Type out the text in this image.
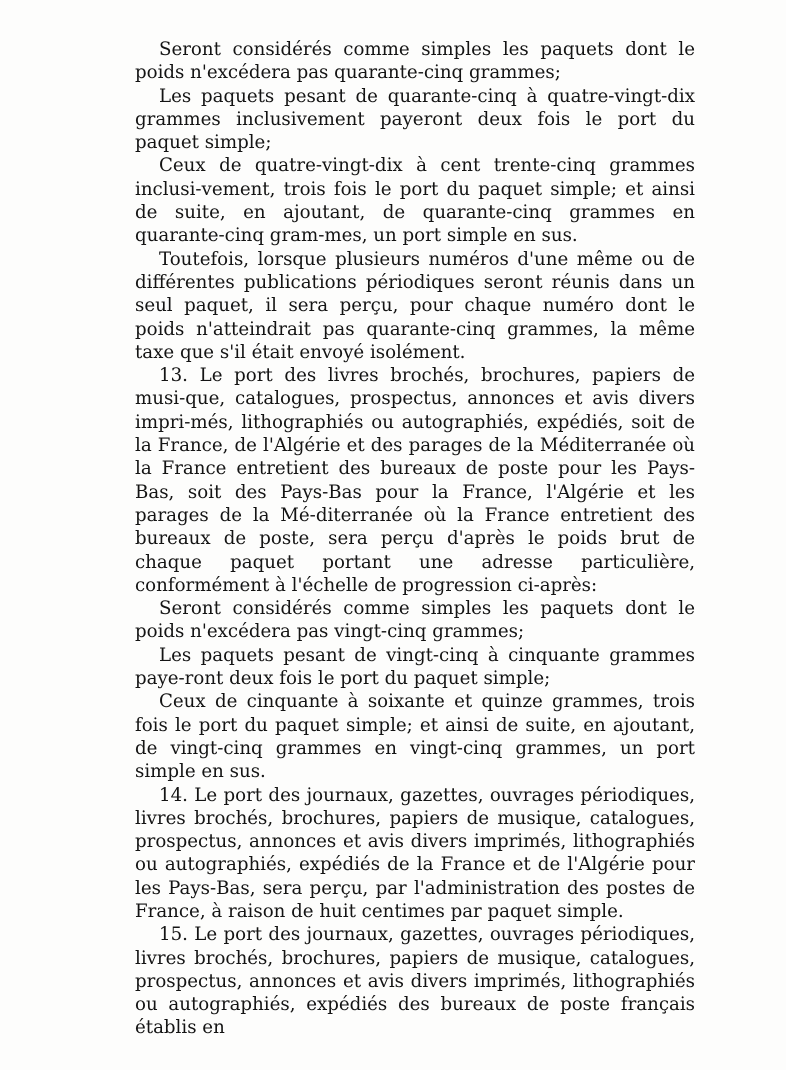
Seront considérés comme simples les paquets dont le poids n'excédera pas quarante-cinq grammes;

Les paquets pesant de quarante-cinq à quatre-vingt-dix grammes inclusivement payeront deux fois le port du paquet simple;

Ceux de quatre-vingt-dix à cent trente-cinq grammes inclusi-vement, trois fois le port du paquet simple; et ainsi de suite, en ajoutant, de quarante-cinq grammes en quarante-cinq gram-mes, un port simple en sus.

Toutefois, lorsque plusieurs numéros d'une même ou de différentes publications périodiques seront réunis dans un seul paquet, il sera perçu, pour chaque numéro dont le poids n'atteindrait pas quarante-cinq grammes, la même taxe que s'il était envoyé isolément.

13. Le port des livres brochés, brochures, papiers de musi-que, catalogues, prospectus, annonces et avis divers impri-més, lithographiés ou autographiés, expédiés, soit de la France, de l'Algérie et des parages de la Méditerranée où la France entretient des bureaux de poste pour les Pays-Bas, soit des Pays-Bas pour la France, l'Algérie et les parages de la Mé-diterranée où la France entretient des bureaux de poste, sera perçu d'après le poids brut de chaque paquet portant une adresse particulière, conformément à l'échelle de progression ci-après:

Seront considérés comme simples les paquets dont le poids n'excédera pas vingt-cinq grammes;

Les paquets pesant de vingt-cinq à cinquante grammes paye-ront deux fois le port du paquet simple;

Ceux de cinquante à soixante et quinze grammes, trois fois le port du paquet simple; et ainsi de suite, en ajoutant, de vingt-cinq grammes en vingt-cinq grammes, un port simple en sus.

14. Le port des journaux, gazettes, ouvrages périodiques, livres brochés, brochures, papiers de musique, catalogues, prospectus, annonces et avis divers imprimés, lithographiés ou autographiés, expédiés de la France et de l'Algérie pour les Pays-Bas, sera perçu, par l'administration des postes de France, à raison de huit centimes par paquet simple.

15. Le port des journaux, gazettes, ouvrages périodiques, livres brochés, brochures, papiers de musique, catalogues, prospectus, annonces et avis divers imprimés, lithographiés ou autographiés, expédiés des bureaux de poste français établis en
